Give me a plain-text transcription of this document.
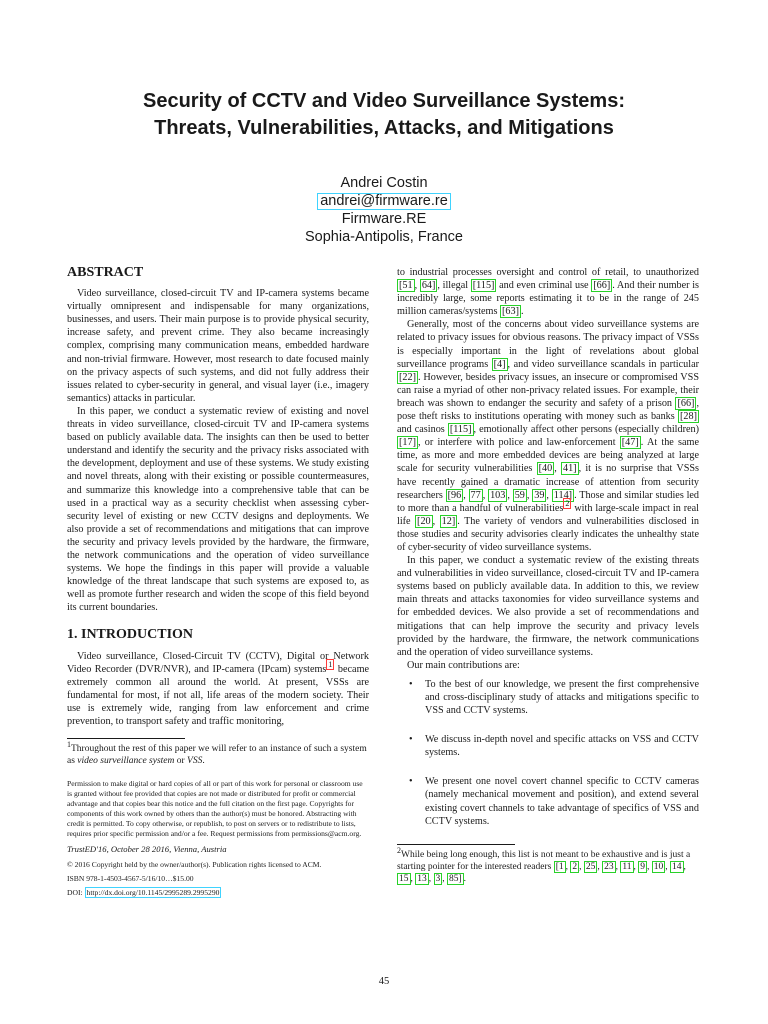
Security of CCTV and Video Surveillance Systems:
Threats, Vulnerabilities, Attacks, and Mitigations
Andrei Costin
andrei@firmware.re
Firmware.RE
Sophia-Antipolis, France
ABSTRACT

Video surveillance, closed-circuit TV and IP-camera systems became virtually omnipresent and indispensable for many organizations, businesses, and users. Their main purpose is to provide physical security, increase safety, and prevent crime. They also became increasingly complex, comprising many communication means, embedded hardware and non-trivial firmware. However, most research to date focused mainly on the privacy aspects of such systems, and did not fully address their issues related to cyber-security in general, and visual layer (i.e., imagery semantics) attacks in particular.

In this paper, we conduct a systematic review of existing and novel threats in video surveillance, closed-circuit TV and IP-camera systems based on publicly available data. The insights can then be used to better understand and identify the security and the privacy risks associated with the development, deployment and use of these systems. We study existing and novel threats, along with their existing or possible countermeasures, and summarize this knowledge into a comprehensive table that can be used in a practical way as a security checklist when assessing cyber-security level of existing or new CCTV designs and deployments. We also provide a set of recommendations and mitigations that can improve the security and privacy levels provided by the hardware, the firmware, the network communications and the operation of video surveillance systems. We hope the findings in this paper will provide a valuable knowledge of the threat landscape that such systems are exposed to, as well as promote further research and widen the scope of this field beyond its current boundaries.

1. INTRODUCTION

Video surveillance, Closed-Circuit TV (CCTV), Digital or Network Video Recorder (DVR/NVR), and IP-camera (IPcam) systems $^1$ became extremely common all around the world. At present, VSSs are fundamental for most, if not all, life areas of the modern society. Their use is extremely wide, ranging from law enforcement and crime prevention, to transport safety and traffic monitoring,

$^1$Throughout the rest of this paper we will refer to an instance of such a system as video surveillance system or VSS.
Permission to make digital or hard copies of all or part of this work for personal or classroom use is granted without fee provided that copies are not made or distributed for profit or commercial advantage and that copies bear this notice and the full citation on the first page. Copyrights for components of this work owned by others than the author(s) must be honored. Abstracting with credit is permitted. To copy otherwise, or republish, to post on servers or to redistribute to lists, requires prior specific permission and/or a fee. Request permissions from permissions@acm.org.
TrustED'16, October 28 2016, Vienna, Austria
© 2016 Copyright held by the owner/author(s). Publication rights licensed to ACM.
ISBN 978-1-4503-4567-5/16/10…$15.00
DOI: http://dx.doi.org/10.1145/2995289.2995290

to industrial processes oversight and control of retail, to unauthorized [51 , 64] , illegal [115] and even criminal use [66] . And their number is incredibly large, some reports estimating it to be in the range of 245 million cameras/systems [63] .

Generally, most of the concerns about video surveillance systems are related to privacy issues for obvious reasons. The privacy impact of VSSs is especially important in the light of revelations about global surveillance programs [4] , and video surveillance scandals in particular [22] . However, besides privacy issues, an insecure or compromised VSS can raise a myriad of other non-privacy related issues. For example, their breach was shown to endanger the security and safety of a prison [66] , pose theft risks to institutions operating with money such as banks [28] and casinos [115] , emotionally affect other persons (especially children) [17] , or interfere with police and law-enforcement [47] . At the same time, as more and more embedded devices are being analyzed at large scale for security vulnerabilities [40 , 41] , it is no surprise that VSSs have recently gained a dramatic increase of attention from security researchers [96 , 77 , 103 , 59 , 39 , 114] . Those and similar studies led to more than a handful of vulnerabilities $^2$ with large-scale impact in real life [20 , 12] . The variety of vendors and vulnerabilities disclosed in those studies and security advisories clearly indicates the unhealthy state of cyber-security of video surveillance systems.

In this paper, we conduct a systematic review of the existing threats and vulnerabilities in video surveillance, closed-circuit TV and IP-camera systems based on publicly available data. In addition to this, we review main threats and attacks taxonomies for video surveillance systems and for embedded devices. We also provide a set of recommendations and mitigations that can help improve the security and privacy levels provided by the hardware, the firmware, the network communications and the operation of video surveillance systems.

Our main contributions are:

• To the best of our knowledge, we present the first comprehensive and cross-disciplinary study of attacks and mitigations specific to VSS and CCTV systems.
• We discuss in-depth novel and specific attacks on VSS and CCTV systems.
• We present one novel covert channel specific to CCTV cameras (namely mechanical movement and position), and extend several existing covert channels to take advantage of specifics of VSS and CCTV systems.
$^2$While being long enough, this list is not meant to be exhaustive and is just a starting pointer for the interested readers [1 , 2 , 25 , 23 , 11 , 9 , 10 , 14 , 15 , 13 , 3 , 85] .
45
